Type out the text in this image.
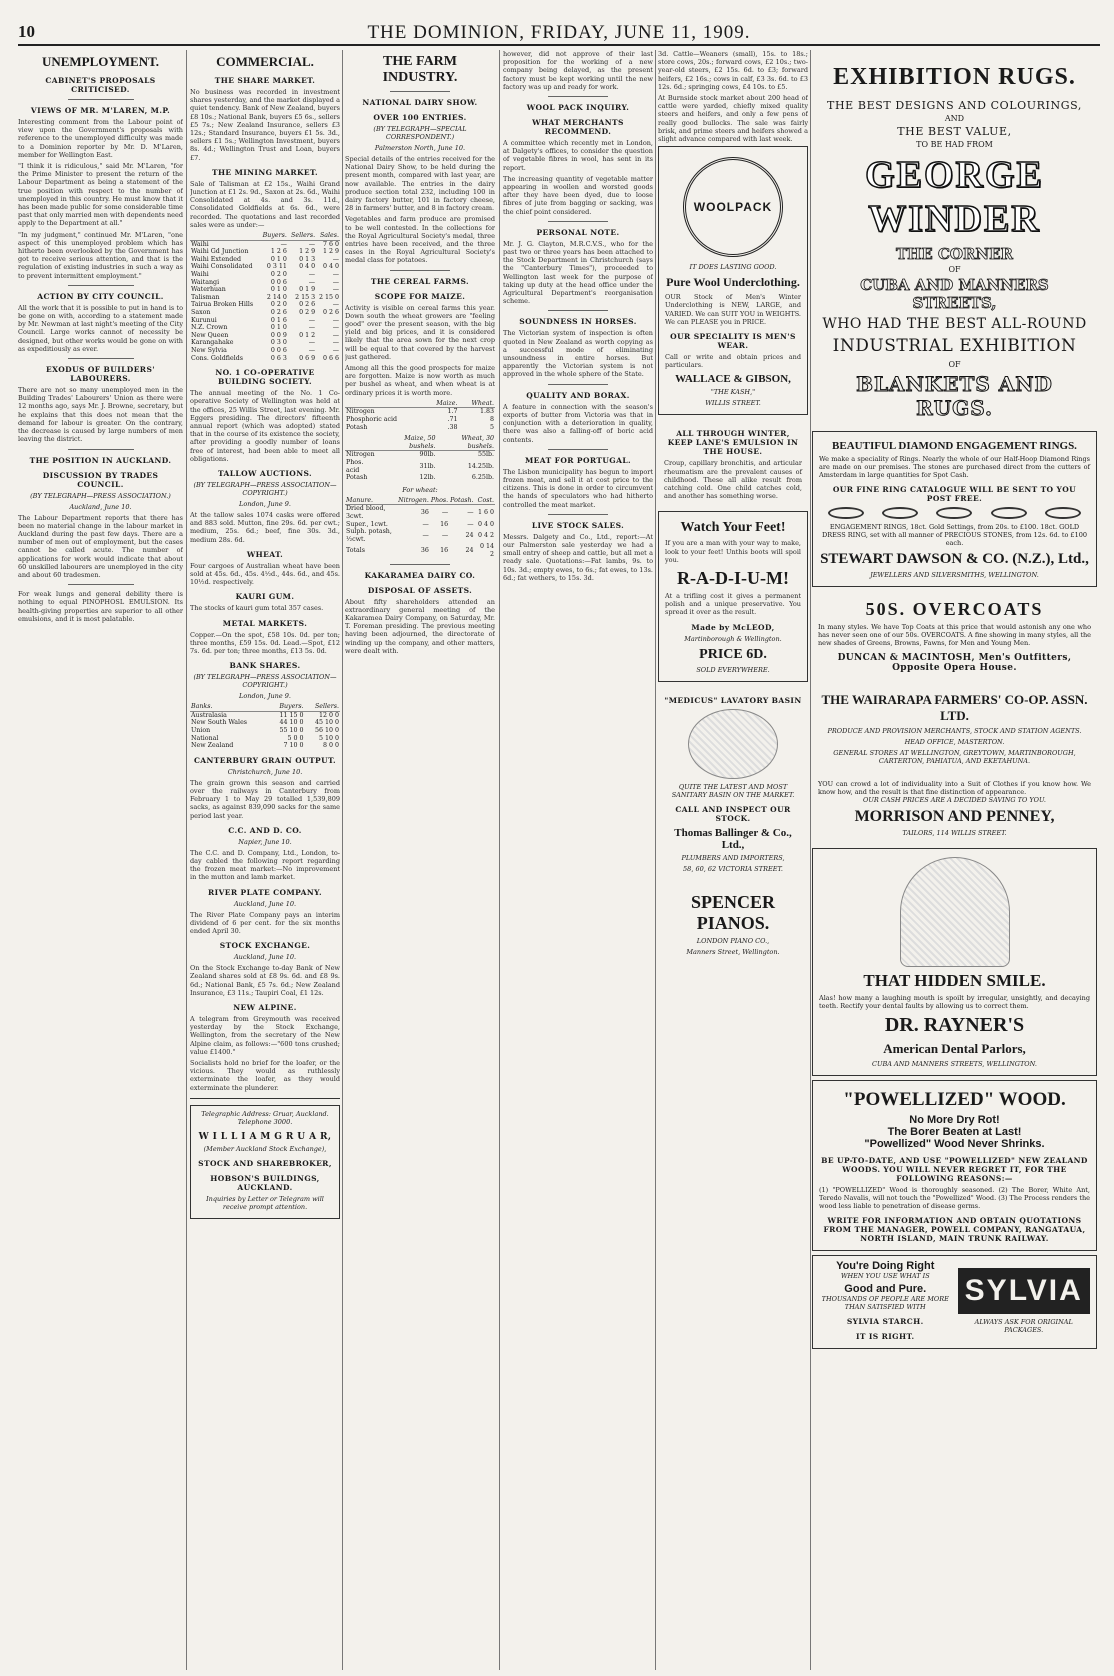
10	THE DOMINION, FRIDAY, JUNE 11, 1909.
UNEMPLOYMENT.
CABINET'S PROPOSALS CRITICISED.
VIEWS OF MR. M'LAREN, M.P.

Interesting comment from the Labour point of view upon the Government's proposals with reference to the unemployed difficulty was made to a Dominion reporter by Mr. D. M'Laren, member for Wellington East.

"I think it is ridiculous," said Mr. M'Laren, "for the Prime Minister to present the return of the Labour Department as being a statement of the true position with respect to the number of unemployed in this country. He must know that it has been made public for some considerable time past that only married men with dependents need apply to the Department at all."

"In my judgment," continued Mr. M'Laren, "one aspect of this unemployed problem which has hitherto been overlooked by the Government has got to receive serious attention, and that is the regulation of existing industries in such a way as to prevent intermittent employment."

ACTION BY CITY COUNCIL.

All the work that it is possible to put in hand is to be gone on with, according to a statement made by Mr. Newman at last night's meeting of the City Council. Large works cannot of necessity be designed, but other works would be gone on with as expeditiously as ever.

EXODUS OF BUILDERS' LABOURERS.

There are not so many unemployed men in the Building Trades' Labourers' Union as there were 12 months ago, says Mr. J. Browne, secretary, but he explains that this does not mean that the demand for labour is greater. On the contrary, the decrease is caused by large numbers of men leaving the district.

THE POSITION IN AUCKLAND.
DISCUSSION BY TRADES COUNCIL.
(BY TELEGRAPH—PRESS ASSOCIATION.)
Auckland, June 10.

The Labour Department reports that there has been no material change in the labour market in Auckland during the past few days. There are a number of men out of employment, but the cases cannot be called acute. The number of applications for work would indicate that about 60 unskilled labourers are unemployed in the city and about 60 tradesmen.

For weak lungs and general debility there is nothing to equal PINOPHOSL EMULSION. Its health-giving properties are superior to all other emulsions, and it is most palatable.

COMMERCIAL.
THE SHARE MARKET.

No business was recorded in investment shares yesterday, and the market displayed a quiet tendency. Bank of New Zealand, buyers £8 10s.; National Bank, buyers £5 6s., sellers £5 7s.; New Zealand Insurance, sellers £3 12s.; Standard Insurance, buyers £1 5s. 3d., sellers £1 5s.; Wellington Investment, buyers 8s. 4d.; Wellington Trust and Loan, buyers £7.

THE MINING MARKET.

Sale of Talisman at £2 15s., Waihi Grand Junction at £1 2s. 9d., Saxon at 2s. 6d., Waihi Consolidated at 4s. and 3s. 11d., Consolidated Goldfields at 6s. 6d., were recorded. The quotations and last recorded sales were as under:—

	Buyers.	Sellers.	Sales.
Waihi	—	—	7 6 0
Waihi Gd Junction	1 2 6	1 2 9	1 2 9
Waihi Extended	0 1 0	0 1 3	—
Waihi Consolidated	0 3 11	0 4 0	0 4 0
Waihi	0 2 0	—	—
Waitangi	0 0 6	—	—
Waterhuan	0 1 0	0 1 9	—
Talisman	2 14 0	2 15 3	2 15 0
Tairua Broken Hills	0 2 0	0 2 6	—
Saxon	0 2 6	0 2 9	0 2 6
Kurunui	0 1 6	—	—
N.Z. Crown	0 1 0	—	—
New Queen	0 0 9	0 1 2	—
Karangahake	0 3 0	—	—
New Sylvia	0 0 6	—	—
Cons. Goldfields	0 6 3	0 6 9	0 6 6
NO. 1 CO-OPERATIVE BUILDING SOCIETY.

The annual meeting of the No. 1 Co-operative Society of Wellington was held at the offices, 25 Willis Street, last evening. Mr. Eggers presiding. The directors' fifteenth annual report (which was adopted) stated that in the course of its existence the society, after providing a goodly number of loans free of interest, had been able to meet all obligations.

TALLOW AUCTIONS.
(BY TELEGRAPH—PRESS ASSOCIATION—COPYRIGHT.)
London, June 9.

At the tallow sales 1074 casks were offered and 883 sold. Mutton, fine 29s. 6d. per cwt.; medium, 25s. 6d.; beef, fine 30s. 3d., medium 28s. 6d.

WHEAT.

Four cargoes of Australian wheat have been sold at 45s. 6d., 45s. 4½d., 44s. 6d., and 45s. 10½d. respectively.

KAURI GUM.

The stocks of kauri gum total 357 cases.

METAL MARKETS.

Copper.—On the spot, £58 10s. 0d. per ton; three months, £59 15s. 0d. Lead.—Spot, £12 7s. 6d. per ton; three months, £13 5s. 0d.

BANK SHARES.
(BY TELEGRAPH—PRESS ASSOCIATION—COPYRIGHT.)
London, June 9.
Banks.	Buyers.	Sellers.
Australasia	11 15 0	12 0 0
New South Wales	44 10 0	45 10 0
Union	55 10 0	56 10 0
National	5 0 0	5 10 0
New Zealand	7 10 0	8 0 0
CANTERBURY GRAIN OUTPUT.
Christchurch, June 10.

The grain grown this season and carried over the railways in Canterbury from February 1 to May 29 totalled 1,539,809 sacks, as against 839,090 sacks for the same period last year.

C.C. AND D. CO.
Napier, June 10.

The C.C. and D. Company, Ltd., London, to-day cabled the following report regarding the frozen meat market:—No improvement in the mutton and lamb market.

RIVER PLATE COMPANY.
Auckland, June 10.

The River Plate Company pays an interim dividend of 6 per cent. for the six months ended April 30.

STOCK EXCHANGE.
Auckland, June 10.

On the Stock Exchange to-day Bank of New Zealand shares sold at £8 9s. 6d. and £8 9s. 6d.; National Bank, £5 7s. 6d.; New Zealand Insurance, £3 11s.; Taupiri Coal, £1 12s.

NEW ALPINE.

A telegram from Greymouth was received yesterday by the Stock Exchange, Wellington, from the secretary of the New Alpine claim, as follows:—"600 tons crushed; value £1400."

Socialists hold no brief for the loafer, or the vicious. They would as ruthlessly exterminate the loafer, as they would exterminate the plunderer.

Telegraphic Address: Gruar, Auckland. Telephone 3000.
W I L L I A M G R U A R,
(Member Auckland Stock Exchange),
STOCK AND SHAREBROKER,
HOBSON'S BUILDINGS, AUCKLAND.
Inquiries by Letter or Telegram will receive prompt attention.
THE FARM INDUSTRY.
NATIONAL DAIRY SHOW.
OVER 100 ENTRIES.
(BY TELEGRAPH—SPECIAL CORRESPONDENT.)
Palmerston North, June 10.

Special details of the entries received for the National Dairy Show, to be held during the present month, compared with last year, are now available. The entries in the dairy produce section total 232, including 100 in dairy factory butter, 101 in factory cheese, 28 in farmers' butter, and 8 in factory cream.

Vegetables and farm produce are promised to be well contested. In the collections for the Royal Agricultural Society's medal, three entries have been received, and the three cases in the Royal Agricultural Society's medal class for potatoes.

THE CEREAL FARMS.
SCOPE FOR MAIZE.

Activity is visible on cereal farms this year. Down south the wheat growers are "feeling good" over the present season, with the big yield and big prices, and it is considered likely that the area sown for the next crop will be equal to that covered by the harvest just gathered.

Among all this the good prospects for maize are forgotten. Maize is now worth as much per bushel as wheat, and when wheat is at ordinary prices it is worth more.

	Maize.	Wheat.
Nitrogen	1.7	1.83
Phosphoric acid	.71	8
Potash	.38	5
	Maize, 50 bushels.	Wheat, 30 bushels.
Nitrogen	90lb.	55lb.
Phos. acid	31lb.	14.25lb.
Potash	12lb.	6.25lb.
For wheat:
Manure.	Nitrogen.	Phos.	Potash.	Cost.
Dried blood, 3cwt.	36	—	—	1 6 0
Super., 1cwt.	—	16	—	0 4 0
Sulph. potash, ½cwt.	—	—	24	0 4 2
Totals	36	16	24	0 14 2
KAKARAMEA DAIRY CO.
DISPOSAL OF ASSETS.

About fifty shareholders attended an extraordinary general meeting of the Kakaramea Dairy Company, on Saturday, Mr. T. Foreman presiding. The previous meeting having been adjourned, the directorate of winding up the company, and other matters, were dealt with.

however, did not approve of their last proposition for the working of a new company being delayed, as the present factory must be kept working until the new factory was up and ready for work.

WOOL PACK INQUIRY.
WHAT MERCHANTS RECOMMEND.

A committee which recently met in London, at Dalgety's offices, to consider the question of vegetable fibres in wool, has sent in its report.

The increasing quantity of vegetable matter appearing in woollen and worsted goods after they have been dyed, due to loose fibres of jute from bagging or sacking, was the chief point considered.

PERSONAL NOTE.

Mr. J. G. Clayton, M.R.C.V.S., who for the past two or three years has been attached to the Stock Department in Christchurch (says the "Canterbury Times"), proceeded to Wellington last week for the purpose of taking up duty at the head office under the Agricultural Department's reorganisation scheme.

SOUNDNESS IN HORSES.

The Victorian system of inspection is often quoted in New Zealand as worth copying as a successful mode of eliminating unsoundness in entire horses. But apparently the Victorian system is not approved in the whole sphere of the State.

QUALITY AND BORAX.

A feature in connection with the season's exports of butter from Victoria was that in conjunction with a deterioration in quality, there was also a falling-off of boric acid contents.

MEAT FOR PORTUGAL.

The Lisbon municipality has begun to import frozen meat, and sell it at cost price to the citizens. This is done in order to circumvent the hands of speculators who had hitherto controlled the meat market.

LIVE STOCK SALES.

Messrs. Dalgety and Co., Ltd., report:—At our Palmerston sale yesterday we had a small entry of sheep and cattle, but all met a ready sale. Quotations:—Fat lambs, 9s. to 10s. 3d.; empty ewes, to 6s.; fat ewes, to 13s. 6d.; fat wethers, to 15s. 3d.

3d. Cattle—Weaners (small), 15s. to 18s.; store cows, 20s.; forward cows, £2 10s.; two-year-old steers, £2 15s. 6d. to £3; forward heifers, £2 16s.; cows in calf, £3 3s. 6d. to £3 12s. 6d.; springing cows, £4 10s. to £5.

At Burnside stock market about 200 head of cattle were yarded, chiefly mixed quality steers and heifers, and only a few pens of really good bullocks. The sale was fairly brisk, and prime steers and heifers showed a slight advance compared with last week.

WOOLPACK
IT DOES LASTING GOOD.
Pure Wool Underclothing.

OUR Stock of Men's Winter Underclothing is NEW, LARGE, and VARIED. We can SUIT YOU in WEIGHTS. We can PLEASE you in PRICE.

OUR SPECIALITY IS MEN'S WEAR.

Call or write and obtain prices and particulars.

WALLACE & GIBSON,
"THE KASH,"
WILLIS STREET.
ALL THROUGH WINTER, KEEP LANE'S EMULSION IN THE HOUSE.

Croup, capillary bronchitis, and articular rheumatism are the prevalent causes of childhood. These all alike result from catching cold. One child catches cold, and another has something worse.

Watch Your Feet!

If you are a man with your way to make, look to your feet! Unthis boots will spoil you.

R-A-D-I-U-M!

At a trifling cost it gives a permanent polish and a unique preservative. You spread it over as the result.

Made by McLEOD,
Martinborough & Wellington.
PRICE 6D.
SOLD EVERYWHERE.
"MEDICUS" LAVATORY BASIN
QUITE THE LATEST AND MOST SANITARY BASIN ON THE MARKET.
CALL AND INSPECT OUR STOCK.
Thomas Ballinger & Co., Ltd.,
PLUMBERS AND IMPORTERS,
58, 60, 62 VICTORIA STREET.
SPENCER PIANOS.
LONDON PIANO CO.,
Manners Street, Wellington.
EXHIBITION RUGS.
THE BEST DESIGNS AND COLOURINGS,
AND
THE BEST VALUE,
TO BE HAD FROM
GEORGE WINDER
THE CORNER
OF
CUBA AND MANNERS STREETS,
WHO HAD THE BEST ALL-ROUND
INDUSTRIAL EXHIBITION
OF
BLANKETS AND RUGS.
BEAUTIFUL DIAMOND ENGAGEMENT RINGS.

We make a speciality of Rings. Nearly the whole of our Half-Hoop Diamond Rings are made on our premises. The stones are purchased direct from the cutters of Amsterdam in large quantities for Spot Cash.

OUR FINE RING CATALOGUE WILL BE SENT TO YOU POST FREE.

ENGAGEMENT RINGS, 18ct. Gold Settings, from 20s. to £100. 18ct. GOLD DRESS RING, set with all manner of PRECIOUS STONES, from 12s. 6d. to £100 each.

STEWART DAWSON & CO. (N.Z.), Ltd.,
JEWELLERS AND SILVERSMITHS, WELLINGTON.
50S. OVERCOATS

In many styles. We have Top Coats at this price that would astonish any one who has never seen one of our 50s. OVERCOATS. A fine showing in many styles, all the new shades of Greens, Browns, Fawns, for Men and Young Men.

DUNCAN & MACINTOSH, Men's Outfitters, Opposite Opera House.
THE WAIRARAPA FARMERS' CO-OP. ASSN. LTD.
PRODUCE AND PROVISION MERCHANTS, STOCK AND STATION AGENTS.
HEAD OFFICE, MASTERTON.
GENERAL STORES AT WELLINGTON, GREYTOWN, MARTINBOROUGH, CARTERTON, PAHIATUA, AND EKETAHUNA.

YOU can crowd a lot of individuality into a Suit of Clothes if you know how. We know how, and the result is that fine distinction of appearance.

OUR CASH PRICES ARE A DECIDED SAVING TO YOU.
MORRISON AND PENNEY,
TAILORS, 114 WILLIS STREET.
THAT HIDDEN SMILE.

Alas! how many a laughing mouth is spoilt by irregular, unsightly, and decaying teeth. Rectify your dental faults by allowing us to correct them.

DR. RAYNER'S
American Dental Parlors,
CUBA AND MANNERS STREETS, WELLINGTON.
"POWELLIZED" WOOD.
No More Dry Rot!
The Borer Beaten at Last!
"Powellized" Wood Never Shrinks.
BE UP-TO-DATE, AND USE "POWELLIZED" NEW ZEALAND WOODS. YOU WILL NEVER REGRET IT, FOR THE FOLLOWING REASONS:—

(1) "POWELLIZED" Wood is thoroughly seasoned. (2) The Borer, White Ant, Teredo Navalis, will not touch the "Powellized" Wood. (3) The Process renders the wood less liable to penetration of disease germs.

WRITE FOR INFORMATION AND OBTAIN QUOTATIONS FROM THE MANAGER, POWELL COMPANY, RANGATAUA, NORTH ISLAND, MAIN TRUNK RAILWAY.
You're Doing Right
WHEN YOU USE WHAT IS
Good and Pure.
THOUSANDS OF PEOPLE ARE MORE THAN SATISFIED WITH
SYLVIA STARCH.
IT IS RIGHT.
SYLVIA
ALWAYS ASK FOR ORIGINAL PACKAGES.
